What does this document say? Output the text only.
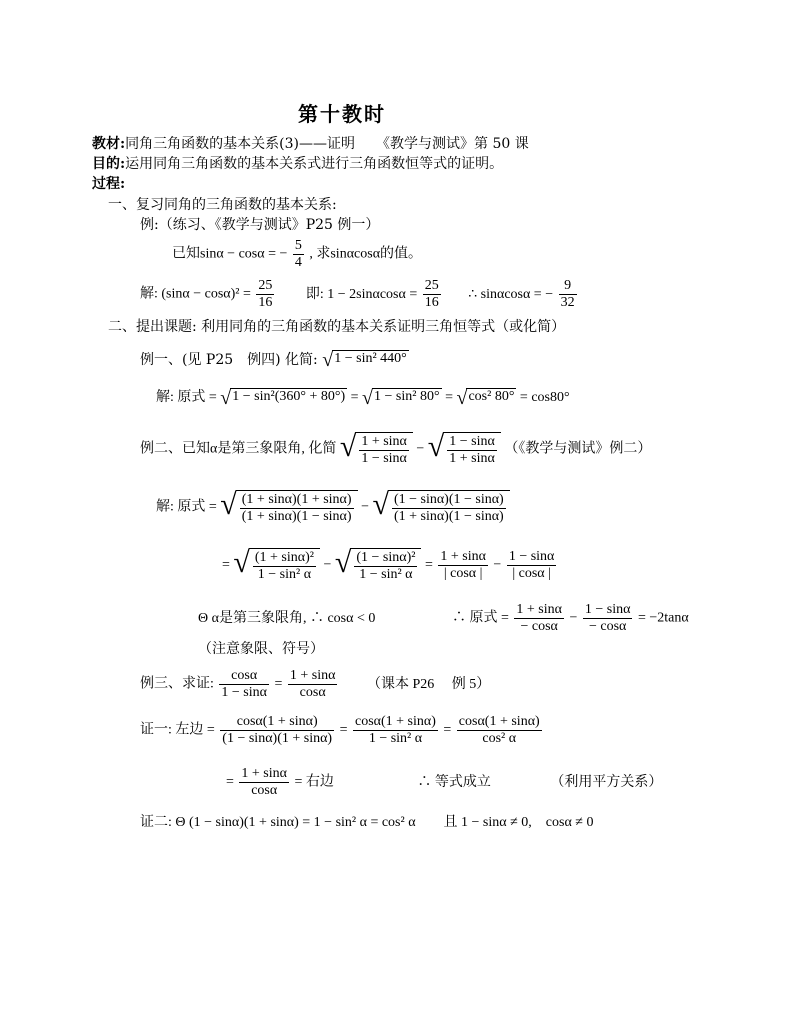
第十教时
教材:同角三角函数的基本关系(3)——证明　　《教学与测试》第 50 课
目的:运用同角三角函数的基本关系式进行三角函数恒等式的证明。
过程:
一、复习同角的三角函数的基本关系:
例:（练习、《教学与测试》P25 例一）
已知sinα − cosα = − $\frac{5}{4}$ , 求sinαcosα的值。
解: $(\sin\alpha - \cos\alpha)^2 = \frac{25}{16}$ 即: $1 - 2\sin\alpha\cos\alpha = \frac{25}{16}$ ∴ sinαcosα = − $\frac{9}{32}$
二、提出课题: 利用同角的三角函数的基本关系证明三角恒等式（或化简）
例一、(见 P25　例四) 化简: √1 − sin² 440°
解: 原式 = √1 − sin²(360° + 80°) = √1 − sin² 80° = √cos² 80° = cos80°
例二、已知α是第三象限角, 化简 √ $\frac{1 + \sin\alpha}{1 - \sin\alpha}$ − √ $\frac{1 - \sin\alpha}{1 + \sin\alpha}$ （《教学与测试》例二）
解: 原式 = √ $\frac{(1 + \sin\alpha)(1 + \sin\alpha)}{(1 + \sin\alpha)(1 - \sin\alpha)}$ − √ $\frac{(1 - \sin\alpha)(1 - \sin\alpha)}{(1 + \sin\alpha)(1 - \sin\alpha)}$
= √ $\frac{\text{(1 + sinα)²}}{\text{1 − sin² α}}$ − √ $\frac{\text{(1 − sinα)²}}{\text{1 − sin² α}} = \frac{1 + \sin\alpha}{| \cos\alpha |} - \frac{1 - \sin\alpha}{| \cos\alpha |}$
Θ α是第三象限角, ∴ cosα < 0	∴ 原式 = $\frac{1 + \sin\alpha}{- \cos\alpha} - \frac{1 - \sin\alpha}{- \cos\alpha} = -2\tan\alpha$
（注意象限、符号）
例三、求证: $\frac{\cos\alpha}{1 - \sin\alpha} = \frac{1 + \sin\alpha}{\cos\alpha}$ （课本 P26　 例 5）
证一: 左边 = $\frac{\cos\alpha(1 + \sin\alpha)}{(1 - \sin\alpha)(1 + \sin\alpha)} = \frac{\cos\alpha(1 + \sin\alpha)}{\text{1 − sin² α}} = \frac{\cos\alpha(1 + \sin\alpha)}{\text{cos² α}}$
= $\frac{1 + \sin\alpha}{\cos\alpha}$ = 右边	∴ 等式成立	（利用平方关系）
证二: Θ (1 − sinα)(1 + sinα) = 1 − sin² α = cos² α　　且 1 − sinα ≠ 0,　cosα ≠ 0
